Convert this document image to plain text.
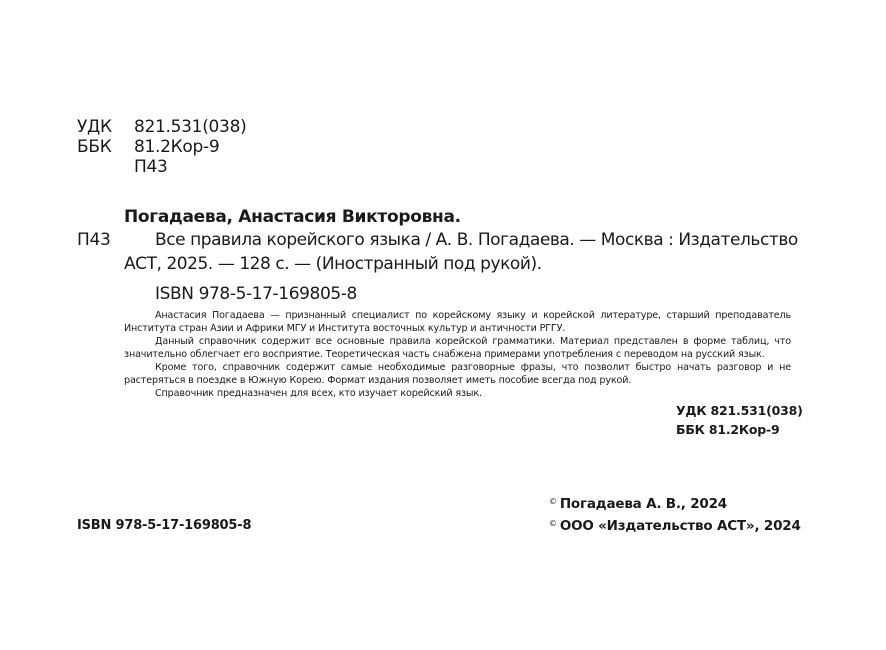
УДК 821.531(038)
ББК 81.2Кор-9
П43
Погадаева, Анастасия Викторовна.
П43	Все правила корейского языка / А. В. Погадаева. — Москва : Издательство
АСТ, 2025. — 128 с. — (Иностранный под рукой).
ISBN 978-5-17-169805-8

Анастасия Погадаева — признанный специалист по корейскому языку и корейской литературе, старший преподаватель Института стран Азии и Африки МГУ и Института восточных культур и античности РГГУ.

Данный справочник содержит все основные правила корейской грамматики. Материал представлен в форме таблиц, что значительно облегчает его восприятие. Теоретическая часть снабжена примерами употребления с переводом на русский язык.

Кроме того, справочник содержит самые необходимые разговорные фразы, что позволит быстро начать разговор и не растеряться в поездке в Южную Корею. Формат издания позволяет иметь пособие всегда под рукой.

Справочник предназначен для всех, кто изучает корейский язык.

УДК 821.531(038)
ББК 81.2Кор-9
ISBN 978-5-17-169805-8
© Погадаева А. В., 2024
© ООО «Издательство АСТ», 2024
